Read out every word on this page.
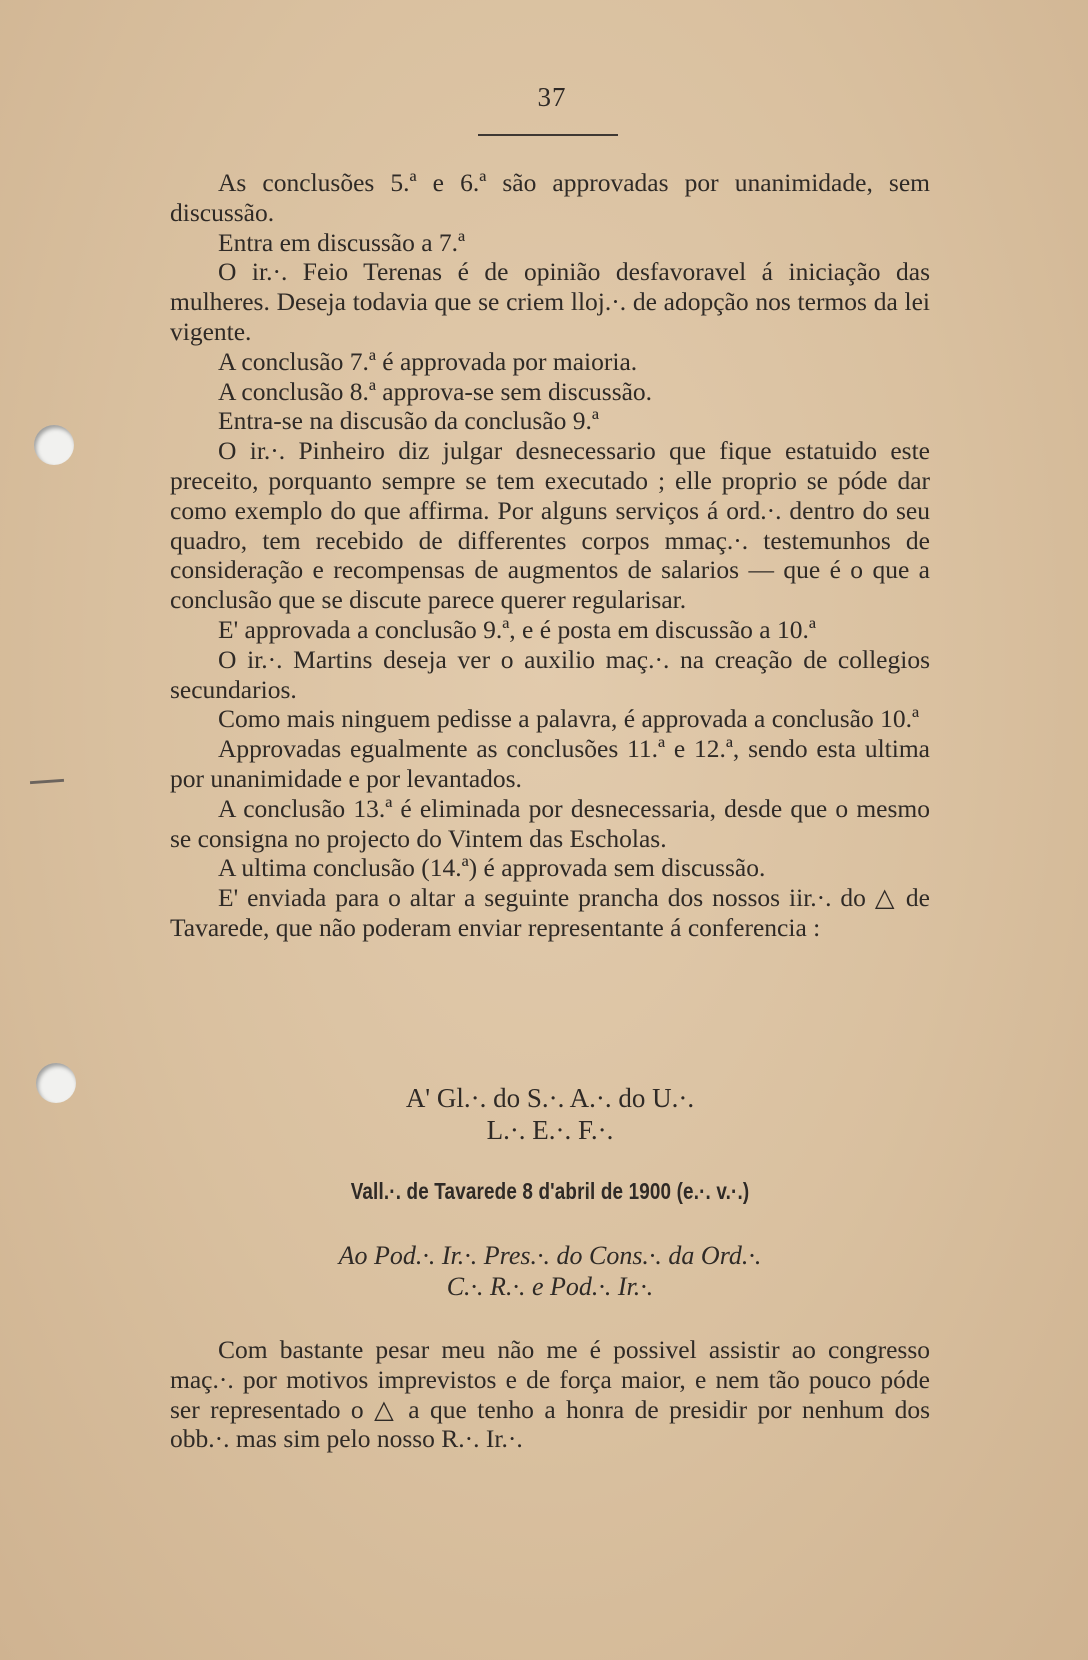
37

As conclusões 5.ª e 6.ª são approvadas por unanimidade, sem discussão.

Entra em discussão a 7.ª

O ir.·. Feio Terenas é de opinião desfavoravel á iniciação das mulheres. Deseja todavia que se criem lloj.·. de adopção nos termos da lei vigente.

A conclusão 7.ª é approvada por maioria.

A conclusão 8.ª approva-se sem discussão.

Entra-se na discusão da conclusão 9.ª

O ir.·. Pinheiro diz julgar desnecessario que fique estatuido este preceito, porquanto sempre se tem executado ; elle proprio se póde dar como exemplo do que affirma. Por alguns serviços á ord.·. dentro do seu quadro, tem recebido de differentes corpos mmaç.·. testemunhos de consideração e recompensas de augmentos de salarios — que é o que a conclusão que se discute parece querer regularisar.

E' approvada a conclusão 9.ª, e é posta em discussão a 10.ª

O ir.·. Martins deseja ver o auxilio maç.·. na creação de collegios secundarios.

Como mais ninguem pedisse a palavra, é approvada a conclusão 10.ª

Approvadas egualmente as conclusões 11.ª e 12.ª, sendo esta ultima por unanimidade e por levantados.

A conclusão 13.ª é eliminada por desnecessaria, desde que o mesmo se consigna no projecto do Vintem das Escholas.

A ultima conclusão (14.ª) é approvada sem discussão.

E' enviada para o altar a seguinte prancha dos nossos iir.·. do △ de Tavarede, que não poderam enviar representante á conferencia :

A' Gl.·. do S.·. A.·. do U.·.
L.·. E.·. F.·.
Vall.·. de Tavarede 8 d'abril de 1900 (e.·. v.·.)
Ao Pod.·. Ir.·. Pres.·. do Cons.·. da Ord.·.
C.·. R.·. e Pod.·. Ir.·.

Com bastante pesar meu não me é possivel assistir ao congresso maç.·. por motivos imprevistos e de força maior, e nem tão pouco póde ser representado o △ a que tenho a honra de presidir por nenhum dos obb.·. mas sim pelo nosso R.·. Ir.·.
